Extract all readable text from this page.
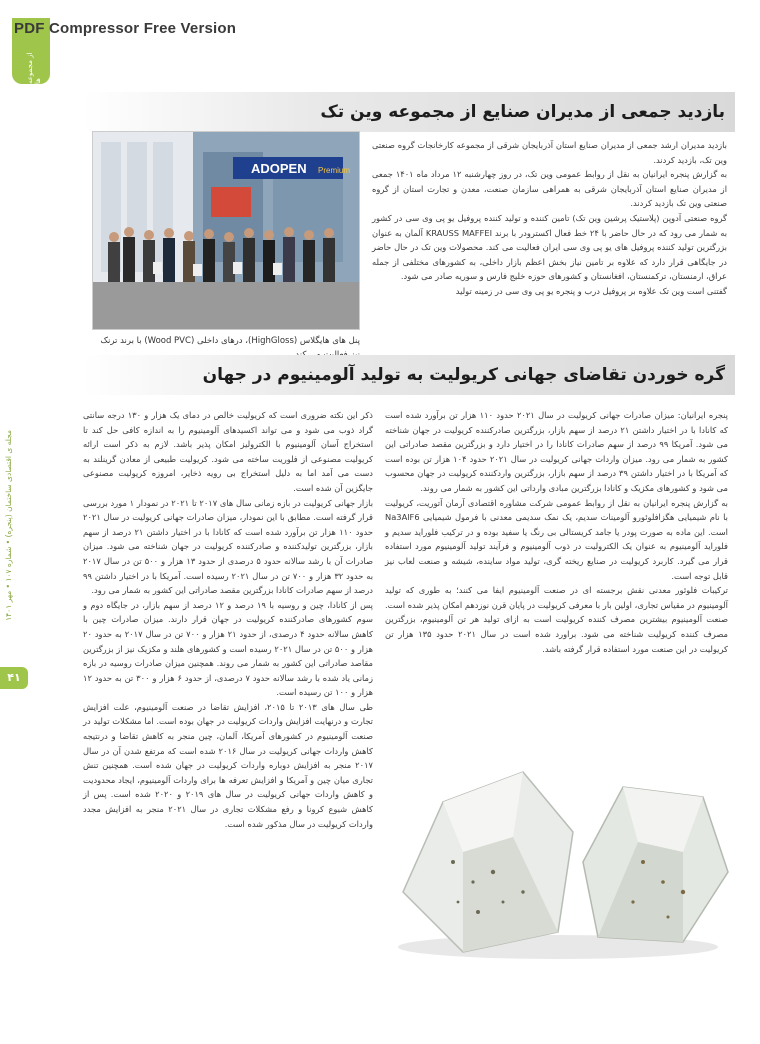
از مجموعه ها
PDF Compressor Free Version
مجله ی اقتصادی ساختمان (پنجره) • شماره ۱۰۷ • مهر ۱۴۰۱
۴۱
بازدید جمعی از مدیران صنایع از مجموعه وین تک
ADOPEN Premium
پنل های هایگلاس (HighGloss)، درهای داخلی (Wood PVC) با برند ترنک

بازدید مدیران ارشد جمعی از مدیران صنایع استان آذربایجان شرقی از مجموعه کارخانجات گروه صنعتی وین تک، بازدید کردند.

به گزارش پنجره ایرانیان به نقل از روابط عمومی وین تک، در روز چهارشنبه ۱۲ مرداد ماه ۱۴۰۱ جمعی از مدیران صنایع استان آذربایجان شرقی به همراهی سازمان صنعت، معدن و تجارت استان از گروه صنعتی وین تک بازدید کردند.

گروه صنعتی آدوپن (پلاستیک پرشین وین تک) تامین کننده و تولید کننده پروفیل یو پی وی سی در کشور به شمار می رود که در حال حاضر با ۲۴ خط فعال اکسترودر با برند KRAUSS MAFFEI آلمان به عنوان بزرگترین تولید کننده پروفیل های یو پی وی سی ایران فعالیت می کند. محصولات وین تک در حال حاضر در جایگاهی قرار دارد که علاوه بر تامین نیاز بخش اعظم بازار داخلی، به کشورهای مختلفی از جمله عراق، ارمنستان، ترکمنستان، افغانستان و کشورهای حوزه خلیج فارس و سوریه صادر می شود.

گفتنی است وین تک علاوه بر پروفیل درب و پنجره یو پی وی سی در زمینه تولید

گره خوردن تقاضای جهانی کریولیت به تولید آلومینیوم در جهان

پنجره ایرانیان: میزان صادرات جهانی کریولیت در سال ۲۰۲۱ حدود ۱۱۰ هزار تن برآورد شده است که کانادا با در اختیار داشتن ۲۱ درصد از سهم بازار، بزرگترین صادرکننده کریولیت در جهان شناخته می شود. آمریکا ۹۹ درصد از سهم صادرات کانادا را در اختیار دارد و بزرگترین مقصد صادراتی این کشور به شمار می رود. میزان واردات جهانی کریولیت در سال ۲۰۲۱ حدود ۱۰۴ هزار تن بوده است که آمریکا با در اختیار داشتن ۳۹ درصد از سهم بازار، بزرگترین واردکننده کریولیت در جهان محسوب می شود و کشورهای مکزیک و کانادا بزرگترین مبادی وارداتی این کشور به شمار می روند.

به گزارش پنجره ایرانیان به نقل از روابط عمومی شرکت مشاوره اقتصادی آرمان آتوریت، کریولیت با نام شیمیایی هگزافلوئورو آلومینات سدیم، یک نمک سدیمی معدنی با فرمول شیمیایی Na3AlF6 است. این ماده به صورت پودر یا جامد کریستالی بی رنگ یا سفید بوده و در ترکیب فلوراید سدیم و فلوراید آلومینیوم به عنوان یک الکترولیت در ذوب آلومینیوم و فرآیند تولید آلومینیوم مورد استفاده قرار می گیرد. کاربرد کریولیت در صنایع ریخته گری، تولید مواد ساینده، شیشه و صنعت لعاب نیز قابل توجه است.

ترکیبات فلوئور معدنی نقش برجسته ای در صنعت آلومینیوم ایفا می کنند؛ به طوری که تولید آلومینیوم در مقیاس تجاری، اولین بار با معرفی کریولیت در پایان قرن نوزدهم امکان پذیر شده است. صنعت آلومینیوم بیشترین مصرف کننده کریولیت است به ازای تولید هر تن آلومینیوم، بزرگترین مصرف کننده کریولیت شناخته می شود. براورد شده است در سال ۲۰۲۱ حدود ۱۳۵ هزار تن کریولیت در این صنعت مورد استفاده قرار گرفته باشد.

ذکر این نکته ضروری است که کریولیت خالص در دمای یک هزار و ۱۳۰ درجه سانتی گراد ذوب می شود و می تواند اکسیدهای آلومینیوم را به اندازه کافی حل کند تا استخراج آسان آلومینیوم با الکترولیز امکان پذیر باشد. لازم به ذکر است ارائه کریولیت مصنوعی از فلوریت ساخته می شود. کریولیت طبیعی از معادن گرینلند به دست می آمد اما به دلیل استخراج بی رویه ذخایر، امروزه کریولیت مصنوعی جایگزین آن شده است.

بازار جهانی کریولیت در بازه زمانی سال های ۲۰۱۷ تا ۲۰۲۱ در نمودار ۱ مورد بررسی قرار گرفته است. مطابق با این نمودار، میزان صادرات جهانی کریولیت در سال ۲۰۲۱ حدود ۱۱۰ هزار تن برآورد شده است که کانادا با در اختیار داشتن ۲۱ درصد از سهم بازار، بزرگترین تولیدکننده و صادرکننده کریولیت در جهان شناخته می شود. میزان صادرات آن با رشد سالانه حدود ۵ درصدی از حدود ۱۳ هزار و ۵۰۰ تن در سال ۲۰۱۷ به حدود ۳۲ هزار و ۷۰۰ تن در سال ۲۰۲۱ رسیده است. آمریکا با در اختیار داشتن ۹۹ درصد از سهم صادرات کانادا بزرگترین مقصد صادراتی این کشور به شمار می رود.

پس از کانادا، چین و روسیه با ۱۹ درصد و ۱۲ درصد از سهم بازار، در جایگاه دوم و سوم کشورهای صادرکننده کریولیت در جهان قرار دارند. میزان صادرات چین با کاهش سالانه حدود ۴ درصدی، از حدود ۲۱ هزار و ۷۰۰ تن در سال ۲۰۱۷ به حدود ۲۰ هزار و ۵۰۰ تن در سال ۲۰۲۱ رسیده است و کشورهای هلند و مکزیک نیز از بزرگترین مقاصد صادراتی این کشور به شمار می روند. همچنین میزان صادرات روسیه در بازه زمانی یاد شده با رشد سالانه حدود ۷ درصدی، از حدود ۶ هزار و ۳۰۰ تن به حدود ۱۲ هزار و ۱۰۰ تن رسیده است.

طی سال های ۲۰۱۳ تا ۲۰۱۵، افزایش تقاضا در صنعت آلومینیوم، علت افزایش تجارت و درنهایت افزایش واردات کریولیت در جهان بوده است. اما مشکلات تولید در صنعت آلومینیوم در کشورهای آمریکا، آلمان، چین منجر به کاهش تقاضا و درنتیجه کاهش واردات جهانی کریولیت در سال ۲۰۱۶ شده است که مرتفع شدن آن در سال ۲۰۱۷ منجر به افزایش دوباره واردات کریولیت در جهان شده است. همچنین تنش تجاری میان چین و آمریکا و افزایش تعرفه ها برای واردات آلومینیوم، ایجاد محدودیت و کاهش واردات جهانی کریولیت در سال های ۲۰۱۹ و ۲۰۲۰ شده است. پس از کاهش شیوع کرونا و رفع مشکلات تجاری در سال ۲۰۲۱ منجر به افزایش مجدد واردات کریولیت در سال مذکور شده است.
